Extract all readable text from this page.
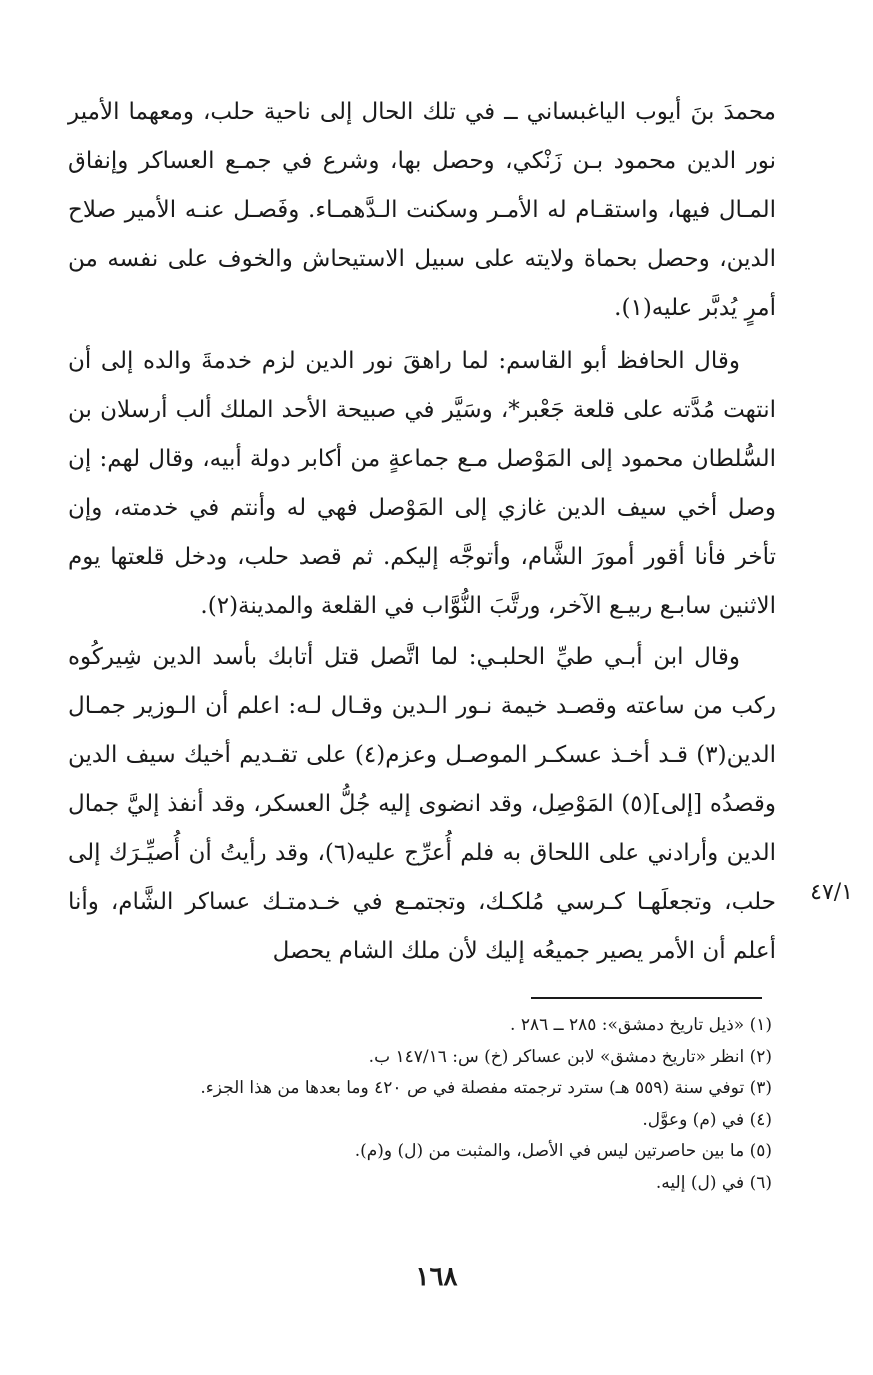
محمدَ بنَ أيوب الياغبساني ــ في تلك الحال إلى ناحية حلب، ومعهما الأمير نور الدين محمود بـن زَنْكي، وحصل بها، وشرع في جمـع العساكر وإنفاق المـال فيها، واستقـام له الأمـر وسكنت الـدَّهمـاء. وفَصـل عنـه الأمير صلاح الدين، وحصل بحماة ولايته على سبيل الاستيحاش والخوف على نفسه من أمرٍ يُدبَّر عليه(١).

وقال الحافظ أبو القاسم: لما راهقَ نور الدين لزم خدمةَ والده إلى أن انتهت مُدَّته على قلعة جَعْبر*، وسَيَّر في صبيحة الأحد الملك ألب أرسلان بن السُّلطان محمود إلى المَوْصل مـع جماعةٍ من أكابر دولة أبيه، وقال لهم: إن وصل أخي سيف الدين غازي إلى المَوْصل فهي له وأنتم في خدمته، وإن تأخر فأنا أقور أمورَ الشَّام، وأتوجَّه إليكم. ثم قصد حلب، ودخل قلعتها يوم الاثنين سابـع ربيـع الآخر، ورتَّبَ النُّوَّاب في القلعة والمدينة(٢).

وقال ابن أبـي طيِّ الحلبـي: لما اتَّصل قتل أتابك بأسد الدين شِيركُوه ركب من ساعته وقصـد خيمة نـور الـدين وقـال لـه: اعلم أن الـوزير جمـال الدين(٣) قـد أخـذ عسكـر الموصـل وعزم(٤) على تقـديم أخيك سيف الدين وقصدُه [إلى](٥) المَوْصِل، وقد انضوى إليه جُلُّ العسكر، وقد أنفذ إليَّ جمال الدين وأرادني على اللحاق به فلم أُعرِّج عليه(٦)، وقد رأيتُ أن أُصيِّـرَك إلى حلب، وتجعلَهـا كـرسي مُلكـك، وتجتمـع في خـدمتـك عساكر الشَّام، وأنا أعلم أن الأمر يصير جميعُه إليك لأن ملك الشام يحصل

٤٧/١
(١) «ذيل تاريخ دمشق»: ٢٨٥ ــ ٢٨٦ .
(٢) انظر «تاريخ دمشق» لابن عساكر (خ) س: ١٤٧/١٦ ب.
(٣) توفي سنة (٥٥٩ هـ) سترد ترجمته مفصلة في ص ٤٢٠ وما بعدها من هذا الجزء.
(٤) في (م) وعوَّل.
(٥) ما بين حاصرتين ليس في الأصل، والمثبت من (ل) و(م).
(٦) في (ل) إليه.
١٦٨
